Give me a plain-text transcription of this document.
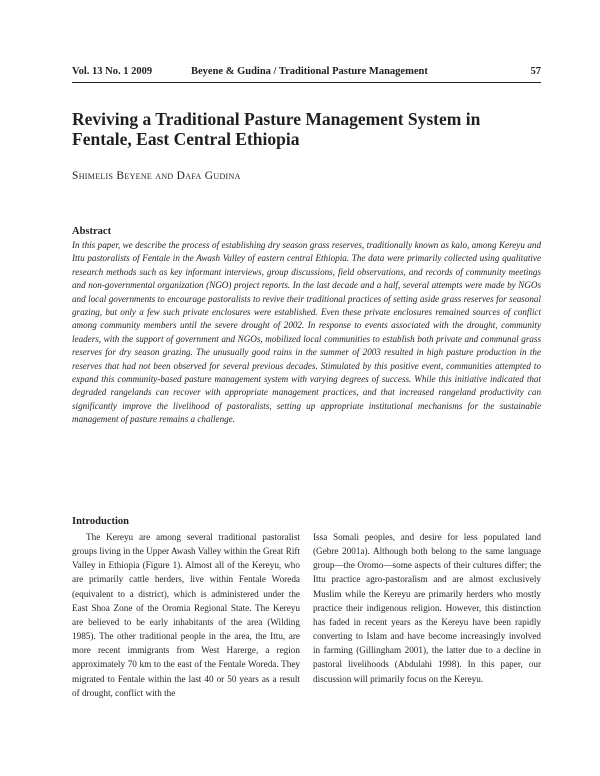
Vol. 13 No. 1 2009	Beyene & Gudina / Traditional Pasture Management	57
Reviving a Traditional Pasture Management System in Fentale, East Central Ethiopia
Shimelis Beyene and Dafa Gudina
Abstract

In this paper, we describe the process of establishing dry season grass reserves, traditionally known as kalo, among Kereyu and Ittu pastoralists of Fentale in the Awash Valley of eastern central Ethiopia. The data were primarily collected using qualitative research methods such as key informant interviews, group discussions, field observations, and records of community meetings and non-governmental organization (NGO) project reports. In the last decade and a half, several attempts were made by NGOs and local governments to encourage pastoralists to revive their traditional practices of setting aside grass reserves for seasonal grazing, but only a few such private enclosures were established. Even these private enclosures remained sources of conflict among community members until the severe drought of 2002. In response to events associated with the drought, community leaders, with the support of government and NGOs, mobilized local communities to establish both private and communal grass reserves for dry season grazing. The unusually good rains in the summer of 2003 resulted in high pasture production in the reserves that had not been observed for several previous decades. Stimulated by this positive event, communities attempted to expand this community-based pasture management system with varying degrees of success. While this initiative indicated that degraded rangelands can recover with appropriate management practices, and that increased rangeland productivity can significantly improve the livelihood of pastoralists, setting up appropriate institutional mechanisms for the sustainable management of pasture remains a challenge.

Introduction

The Kereyu are among several traditional pastoralist groups living in the Upper Awash Valley within the Great Rift Valley in Ethiopia (Figure 1). Almost all of the Kereyu, who are primarily cattle herders, live within Fentale Woreda (equivalent to a district), which is administered under the East Shoa Zone of the Oromia Regional State. The Kereyu are believed to be early inhabitants of the area (Wilding 1985). The other traditional people in the area, the Ittu, are more recent immigrants from West Harerge, a region approximately 70 km to the east of the Fentale Woreda. They migrated to Fentale within the last 40 or 50 years as a result of drought, conflict with the

Issa Somali peoples, and desire for less populated land (Gebre 2001a). Although both belong to the same language group—the Oromo—some aspects of their cultures differ; the Ittu practice agro-pastoralism and are almost exclusively Muslim while the Kereyu are primarily herders who mostly practice their indigenous religion. However, this distinction has faded in recent years as the Kereyu have been rapidly converting to Islam and have become increasingly involved in farming (Gillingham 2001), the latter due to a decline in pastoral livelihoods (Abdulahi 1998). In this paper, our discussion will primarily focus on the Kereyu.
